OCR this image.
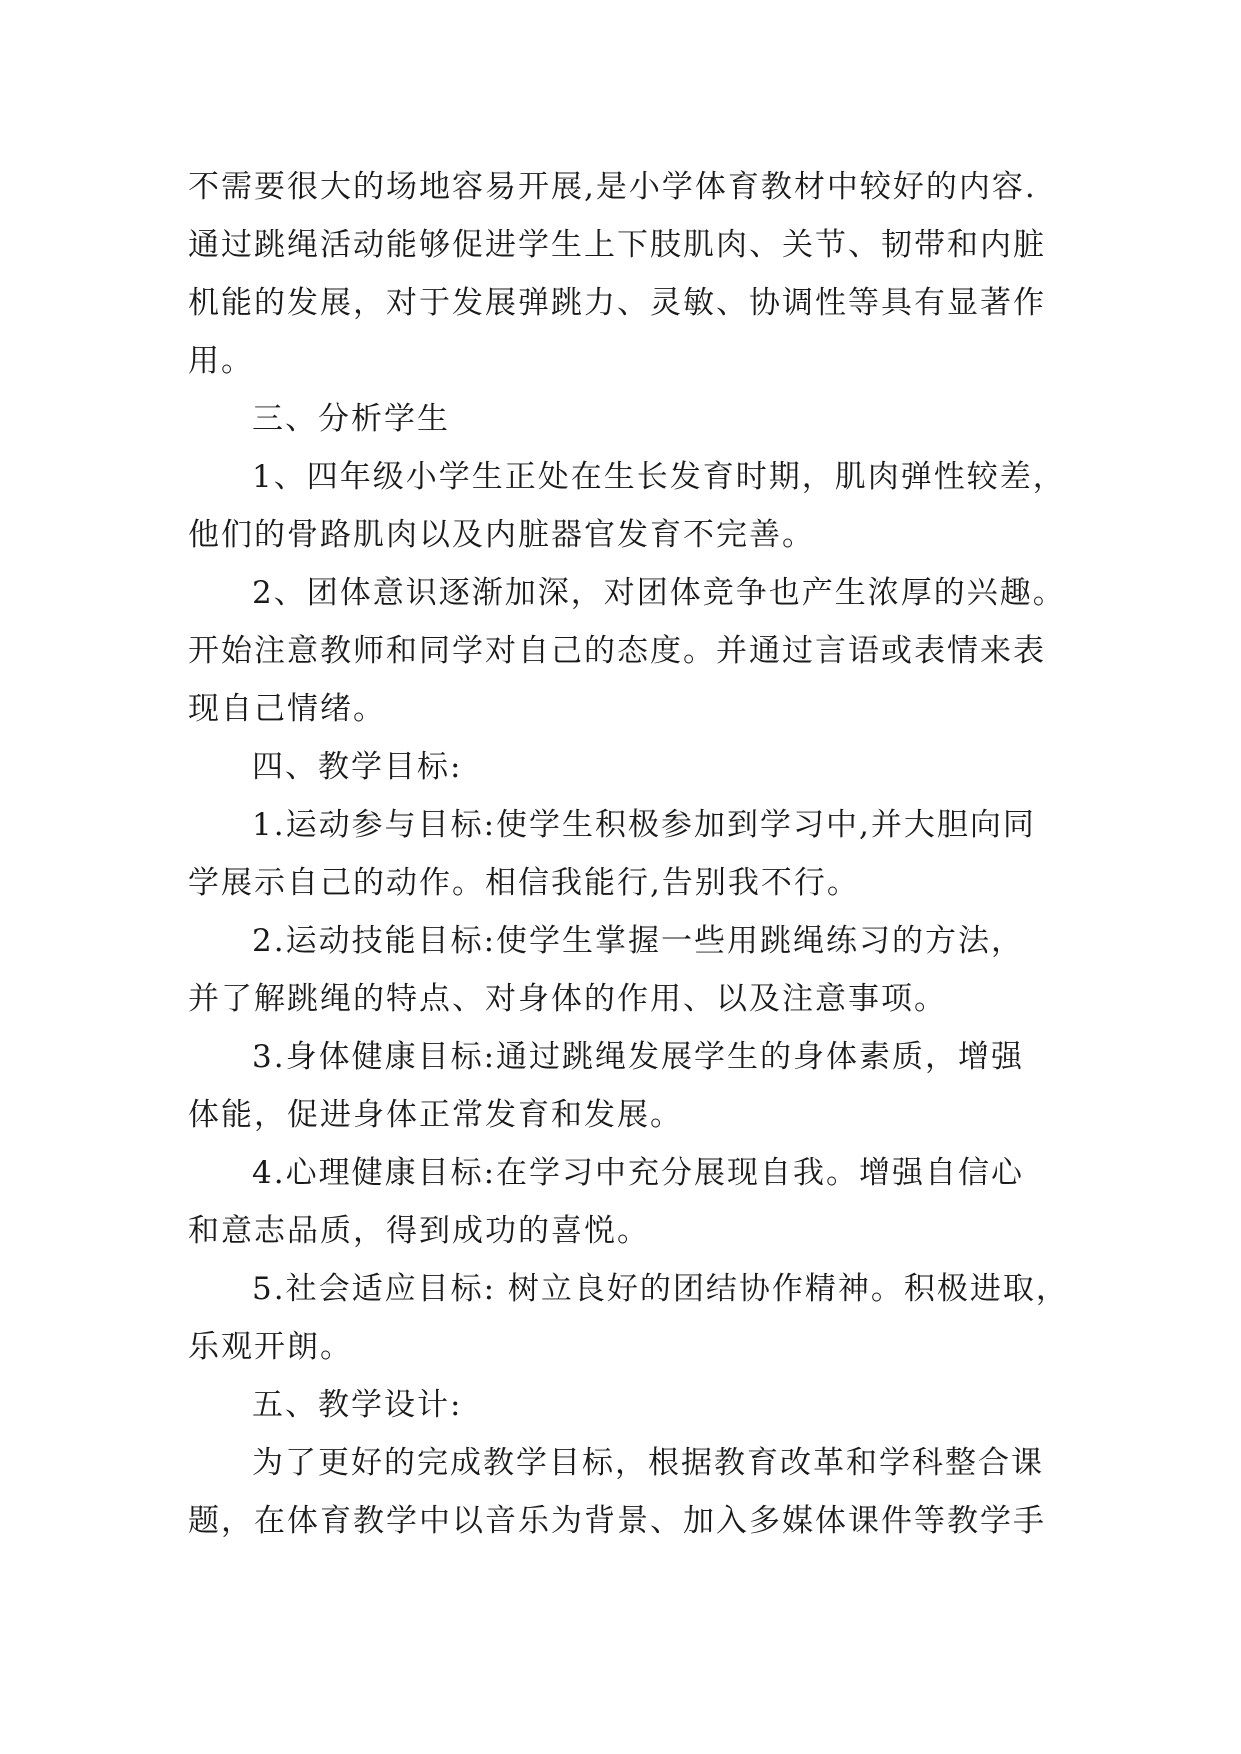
不需要很大的场地容易开展,是小学体育教材中较好的内容.
通过跳绳活动能够促进学生上下肢肌肉、关节、韧带和内脏
机能的发展，对于发展弹跳力、灵敏、协调性等具有显著作
用。
三、分析学生
1、四年级小学生正处在生长发育时期，肌肉弹性较差，
他们的骨路肌肉以及内脏器官发育不完善。
2、团体意识逐渐加深，对团体竞争也产生浓厚的兴趣。
开始注意教师和同学对自己的态度。并通过言语或表情来表
现自己情绪。
四、教学目标:
1.运动参与目标:使学生积极参加到学习中,并大胆向同
学展示自己的动作。相信我能行,告别我不行。
2.运动技能目标:使学生掌握一些用跳绳练习的方法，
并了解跳绳的特点、对身体的作用、以及注意事项。
3.身体健康目标:通过跳绳发展学生的身体素质，增强
体能，促进身体正常发育和发展。
4.心理健康目标:在学习中充分展现自我。增强自信心
和意志品质，得到成功的喜悦。
5.社会适应目标: 树立良好的团结协作精神。积极进取，
乐观开朗。
五、教学设计:
为了更好的完成教学目标，根据教育改革和学科整合课
题，在体育教学中以音乐为背景、加入多媒体课件等教学手
